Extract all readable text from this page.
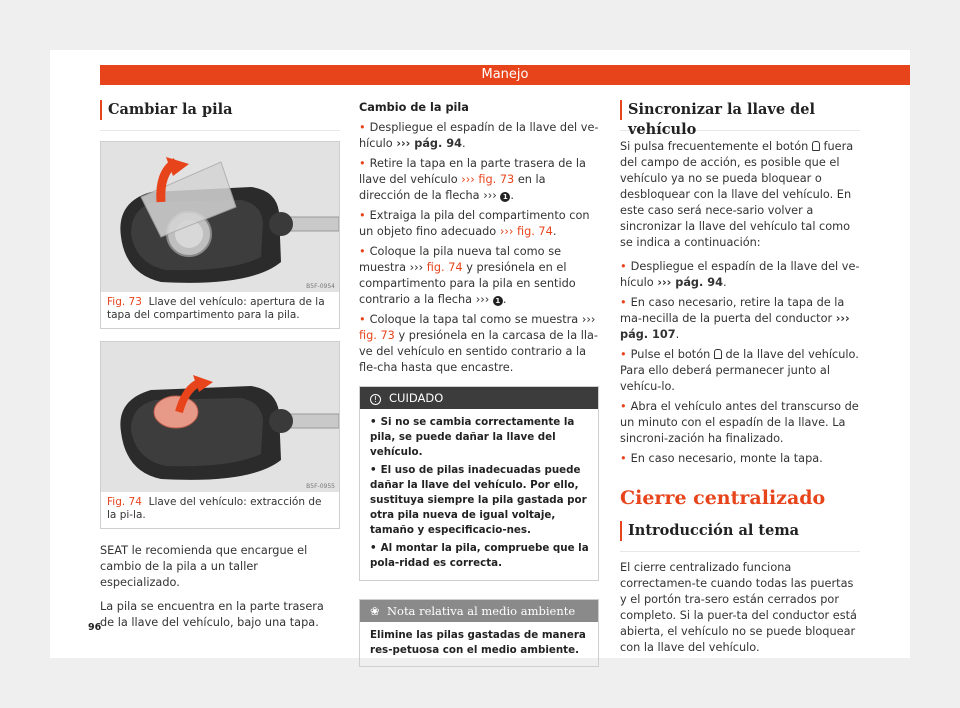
Manejo
Cambiar la pila
B5F-0954
Fig. 73 Llave del vehículo: apertura de la tapa del compartimento para la pila.
B5F-0955
Fig. 74 Llave del vehículo: extracción de la pi-la.

SEAT le recomienda que encargue el cambio de la pila a un taller especializado.

La pila se encuentra en la parte trasera de la llave del vehículo, bajo una tapa.

Cambio de la pila

• Despliegue el espadín de la llave del ve-hículo ››› pág. 94.

• Retire la tapa en la parte trasera de la llave del vehículo ››› fig. 73 en la dirección de la flecha ››› 1 .

• Extraiga la pila del compartimento con un objeto fino adecuado ››› fig. 74.

• Coloque la pila nueva tal como se muestra ››› fig. 74 y presiónela en el compartimento para la pila en sentido contrario a la flecha ››› 1 .

• Coloque la tapa tal como se muestra ››› fig. 73 y presiónela en la carcasa de la lla-ve del vehículo en sentido contrario a la fle-cha hasta que encastre.

! CUIDADO

• Si no se cambia correctamente la pila, se puede dañar la llave del vehículo.

• El uso de pilas inadecuadas puede dañar la llave del vehículo. Por ello, sustituya siempre la pila gastada por otra pila nueva de igual voltaje, tamaño y especificacio-nes.

• Al montar la pila, compruebe que la pola-ridad es correcta.

❀ Nota relativa al medio ambiente

Elimine las pilas gastadas de manera res-petuosa con el medio ambiente.

Sincronizar la llave del vehículo

Si pulsa frecuentemente el botón fuera del campo de acción, es posible que el vehículo ya no se pueda bloquear o desbloquear con la llave del vehículo. En este caso será nece-sario volver a sincronizar la llave del vehículo tal como se indica a continuación:

• Despliegue el espadín de la llave del ve-hículo ››› pág. 94.

• En caso necesario, retire la tapa de la ma-necilla de la puerta del conductor ››› pág. 107.

• Pulse el botón de la llave del vehículo. Para ello deberá permanecer junto al vehícu-lo.

• Abra el vehículo antes del transcurso de un minuto con el espadín de la llave. La sincroni-zación ha finalizado.

• En caso necesario, monte la tapa.

Cierre centralizado
Introducción al tema

El cierre centralizado funciona correctamen-te cuando todas las puertas y el portón tra-sero están cerrados por completo. Si la puer-ta del conductor está abierta, el vehículo no se puede bloquear con la llave del vehículo.

96
